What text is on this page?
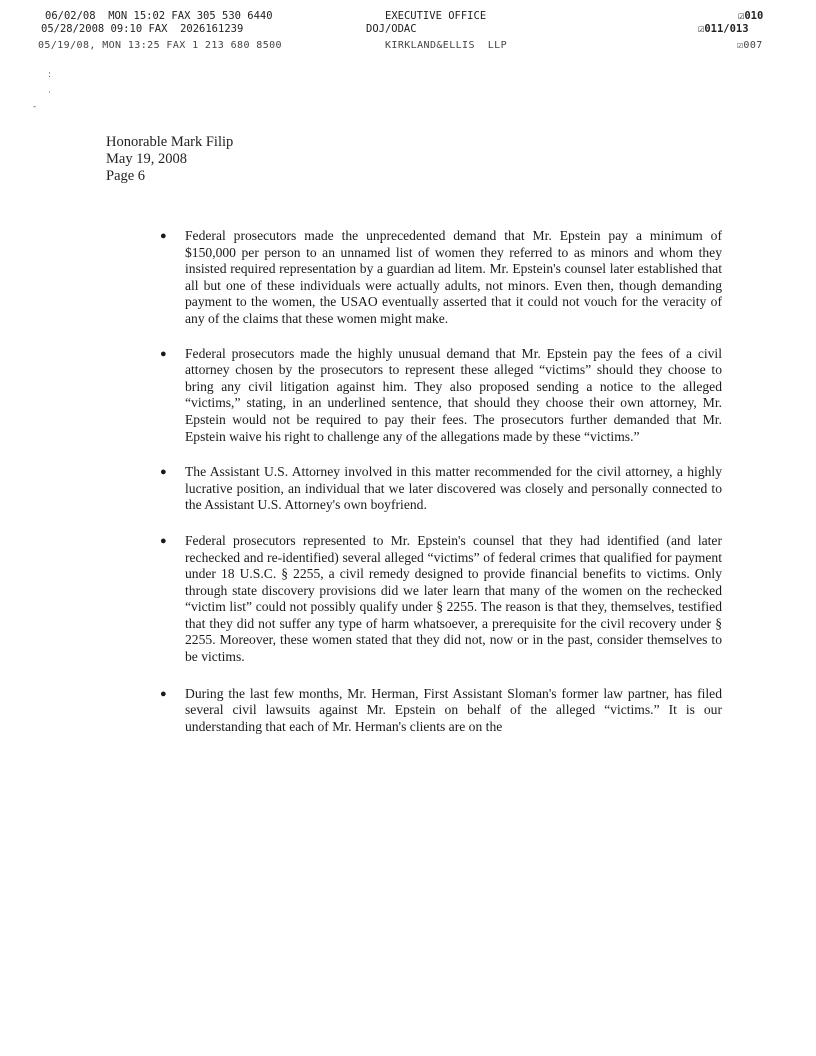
06/02/08  MON 15:02 FAX 305 530 6440

	EXECUTIVE OFFICE

	☑010

05/28/2008 09:10 FAX  2026161239

	DOJ/ODAC

	☑011/013

05/19/08, MON 13:25 FAX 1 213 680 8500

	KIRKLAND&ELLIS  LLP

	☑007

:
·
-
Honorable Mark Filip
May 19, 2008
Page 6
● Federal prosecutors made the unprecedented demand that Mr. Epstein pay a minimum of $150,000 per person to an unnamed list of women they referred to as minors and whom they insisted required representation by a guardian ad litem. Mr. Epstein's counsel later established that all but one of these individuals were actually adults, not minors. Even then, though demanding payment to the women, the USAO eventually asserted that it could not vouch for the veracity of any of the claims that these women might make.
● Federal prosecutors made the highly unusual demand that Mr. Epstein pay the fees of a civil attorney chosen by the prosecutors to represent these alleged “victims” should they choose to bring any civil litigation against him. They also proposed sending a notice to the alleged “victims,” stating, in an underlined sentence, that should they choose their own attorney, Mr. Epstein would not be required to pay their fees. The prosecutors further demanded that Mr. Epstein waive his right to challenge any of the allegations made by these “victims.”
● The Assistant U.S. Attorney involved in this matter recommended for the civil attorney, a highly lucrative position, an individual that we later discovered was closely and personally connected to the Assistant U.S. Attorney's own boyfriend.
● Federal prosecutors represented to Mr. Epstein's counsel that they had identified (and later rechecked and re-identified) several alleged “victims” of federal crimes that qualified for payment under 18 U.S.C. § 2255, a civil remedy designed to provide financial benefits to victims. Only through state discovery provisions did we later learn that many of the women on the rechecked “victim list” could not possibly qualify under § 2255. The reason is that they, themselves, testified that they did not suffer any type of harm whatsoever, a prerequisite for the civil recovery under § 2255. Moreover, these women stated that they did not, now or in the past, consider themselves to be victims.
● During the last few months, Mr. Herman, First Assistant Sloman's former law partner, has filed several civil lawsuits against Mr. Epstein on behalf of the alleged “victims.” It is our understanding that each of Mr. Herman's clients are on the
